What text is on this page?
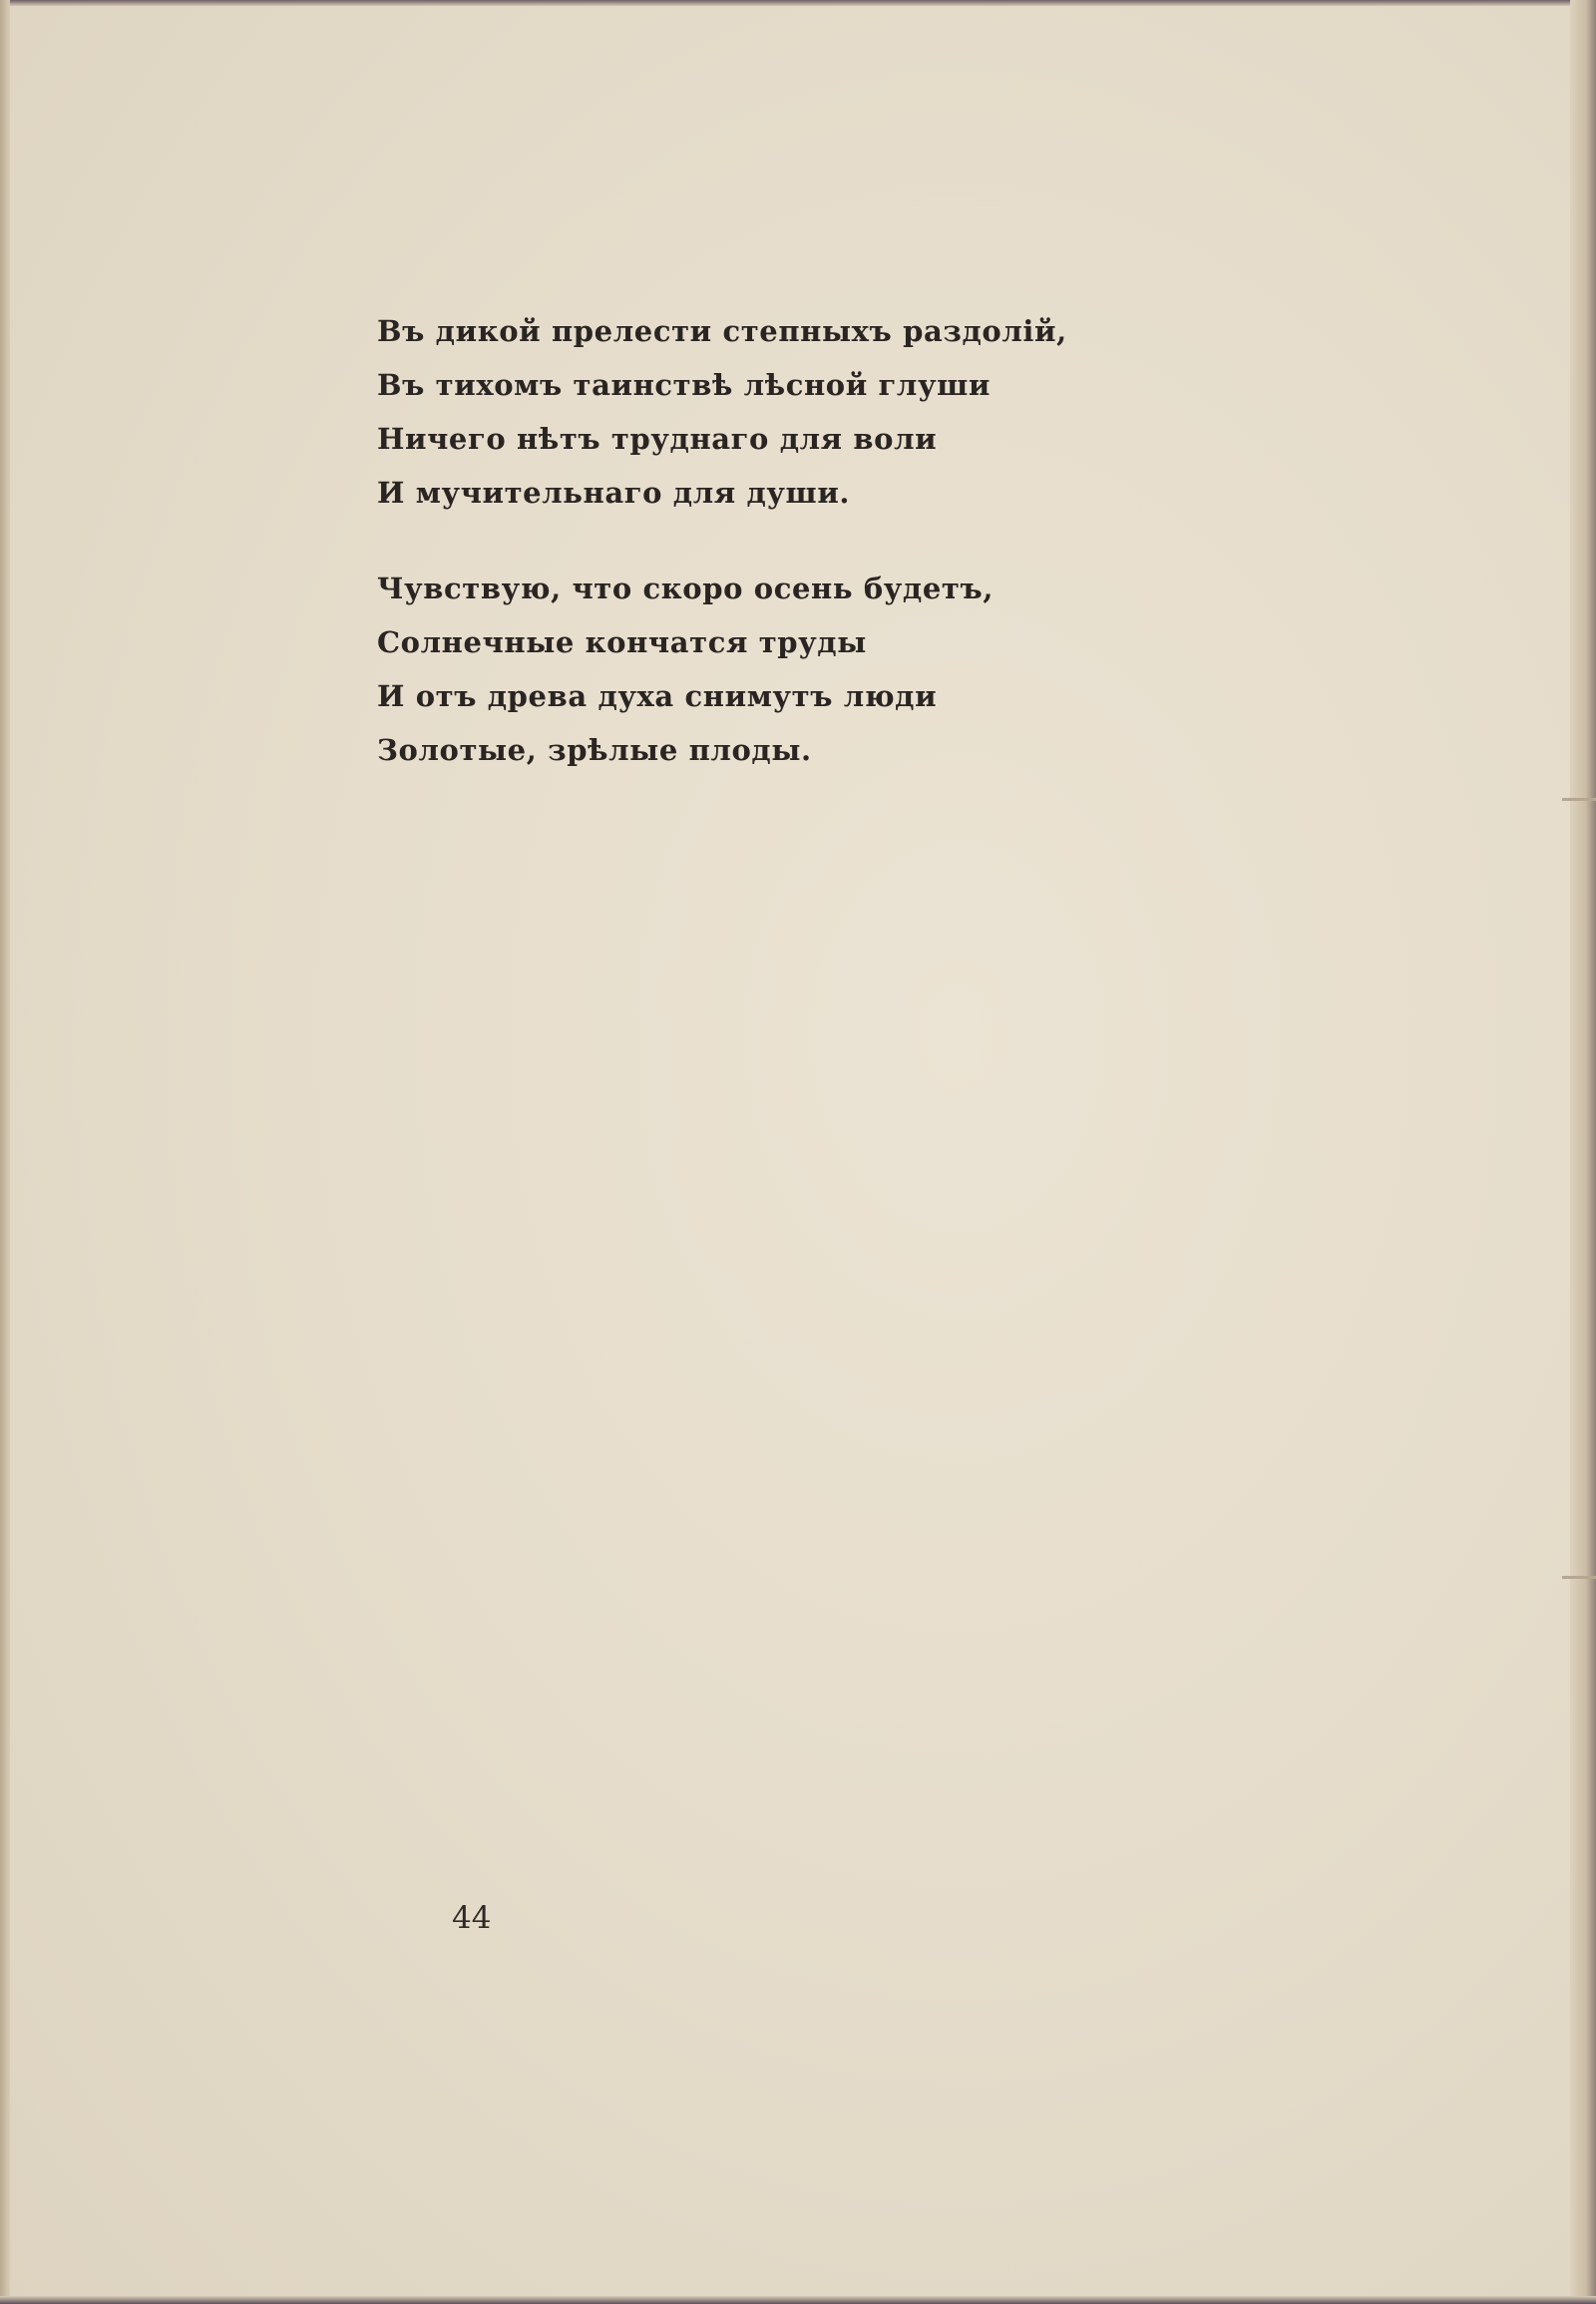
Въ дикой прелести степныхъ раздолій,
Въ тихомъ таинствѣ лѣсной глуши
Ничего нѣтъ труднаго для воли
И мучительнаго для души.
Чувствую, что скоро осень будетъ,
Солнечные кончатся труды
И отъ древа духа снимутъ люди
Золотые, зрѣлые плоды.
44
